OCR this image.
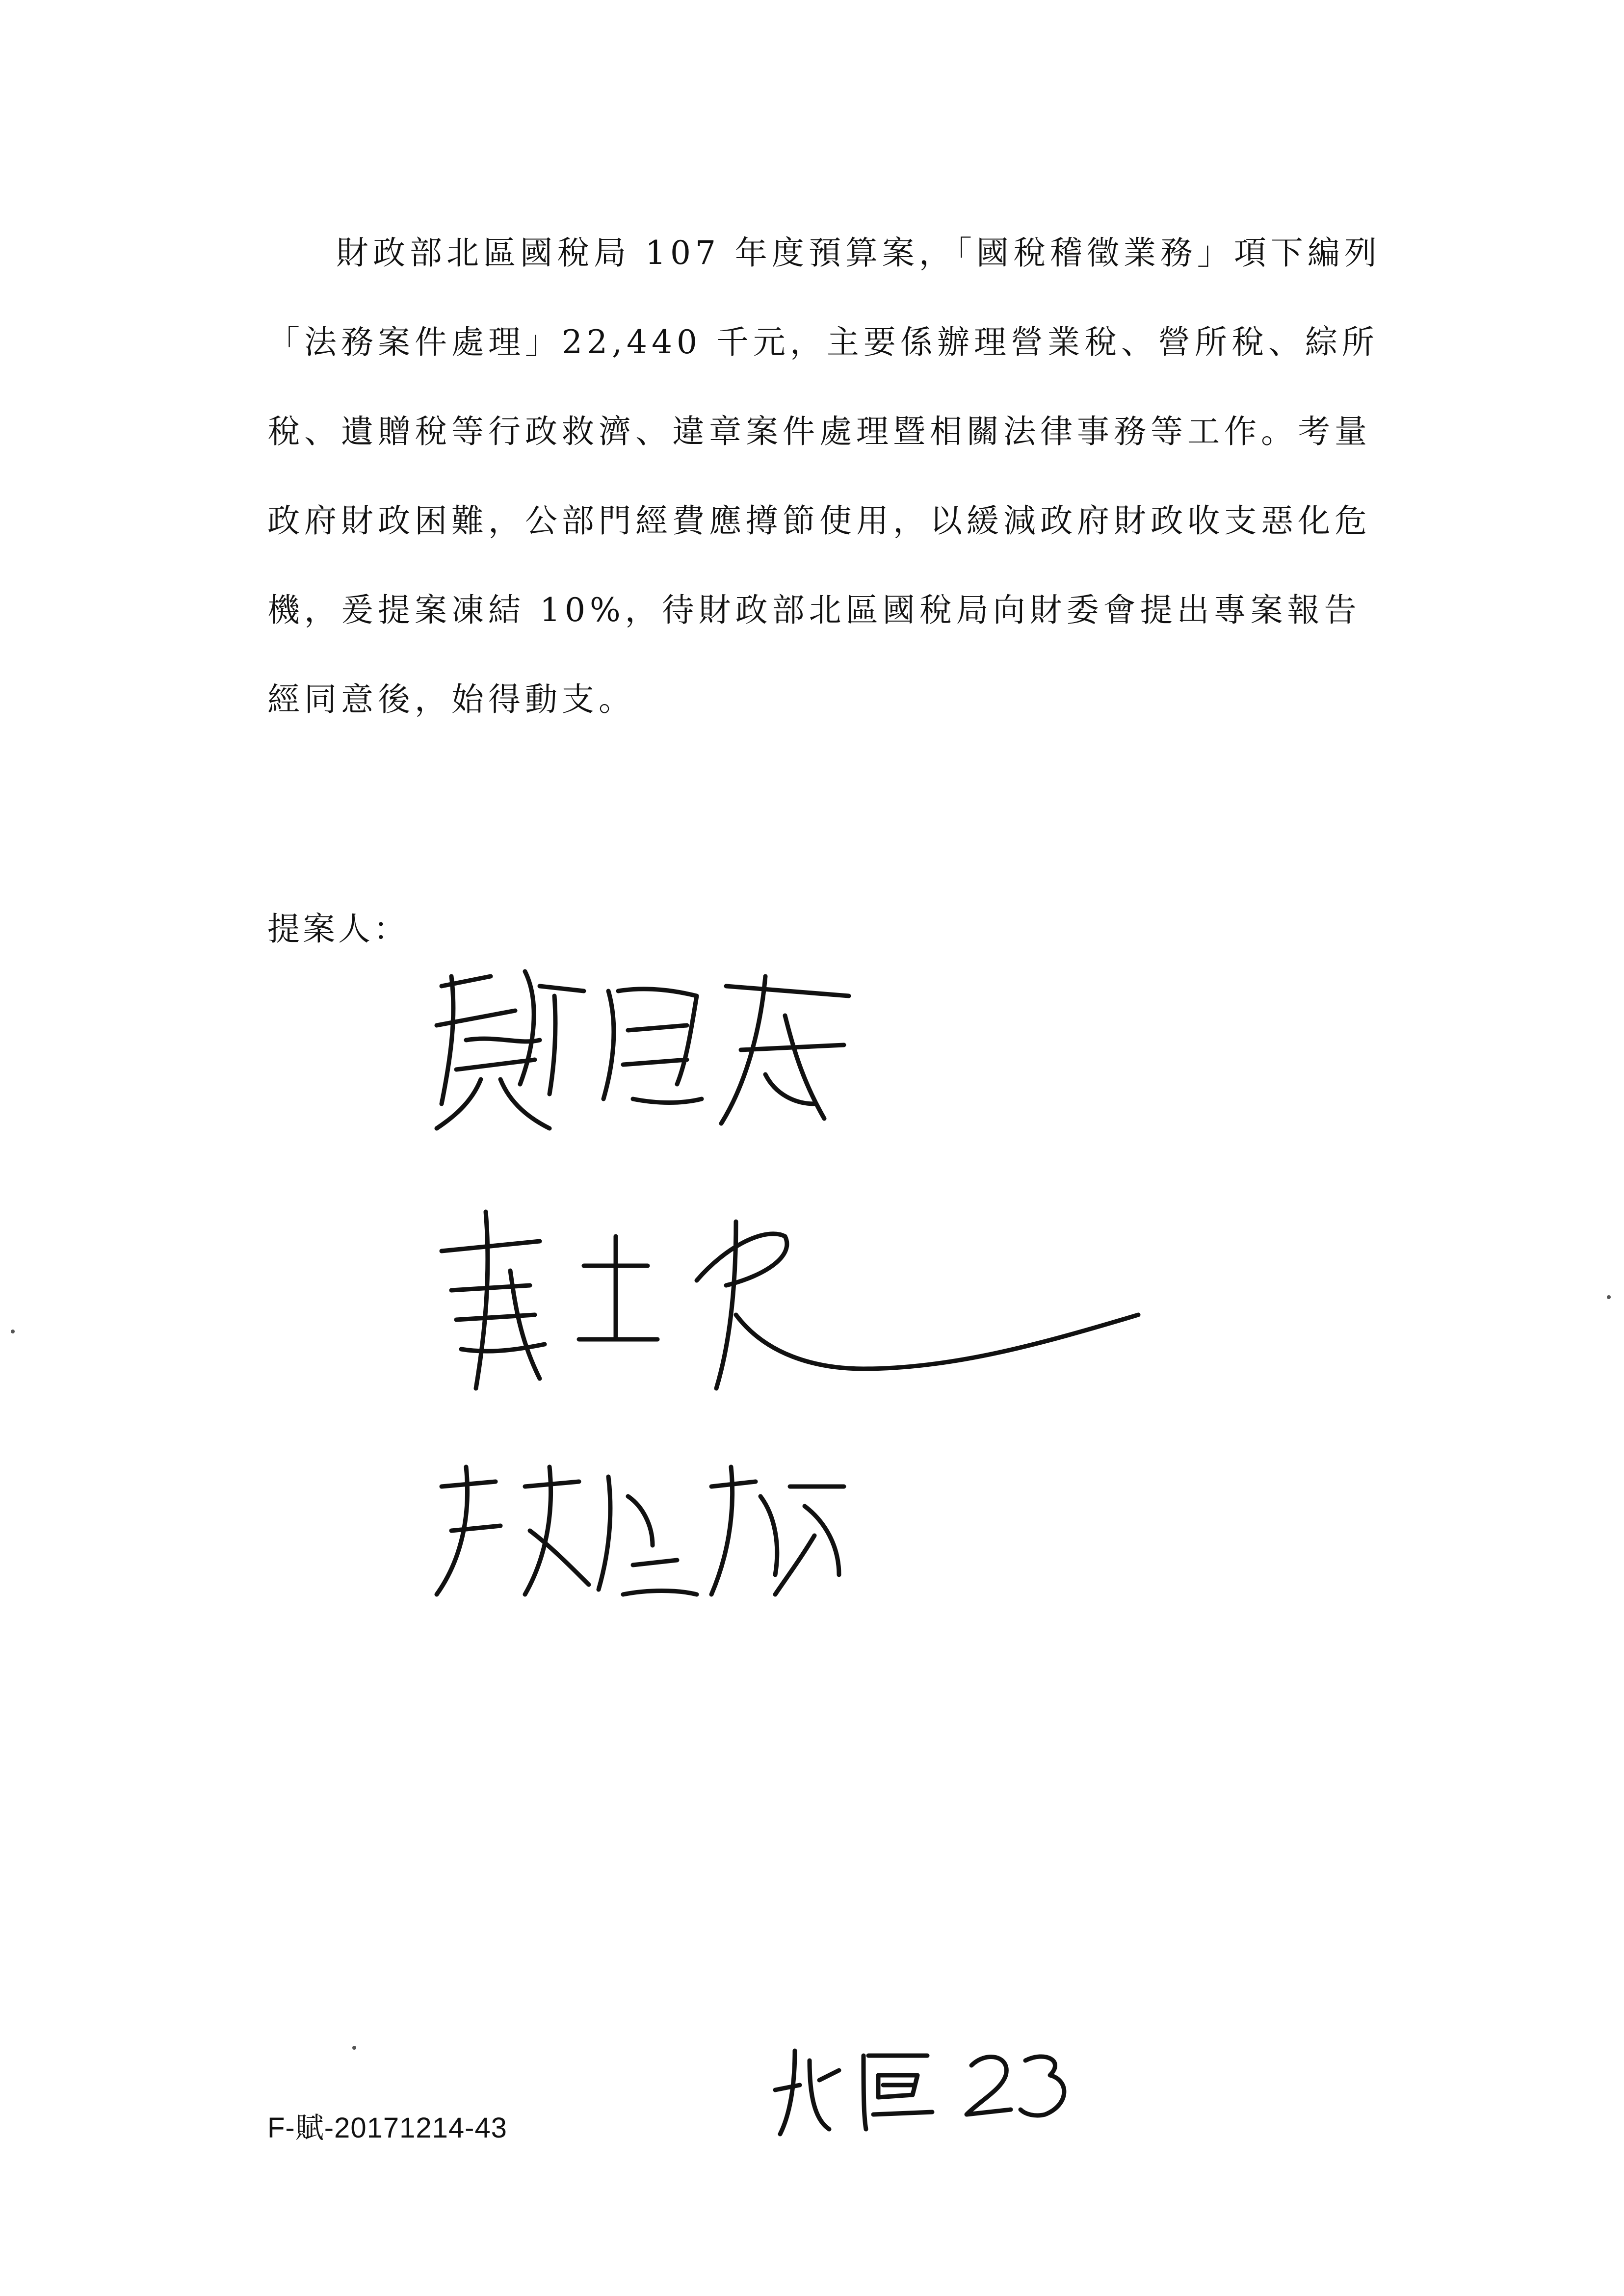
財政部北區國稅局 107 年度預算案，「國稅稽徵業務」項下編列
「法務案件處理」22,440 千元，主要係辦理營業稅、營所稅、綜所
稅、遺贈稅等行政救濟、違章案件處理暨相關法律事務等工作。考量
政府財政困難，公部門經費應撙節使用，以緩減政府財政收支惡化危
機，爰提案凍結 10%，待財政部北區國稅局向財委會提出專案報告
經同意後，始得動支。

提案人：

F-賦-20171214-43
